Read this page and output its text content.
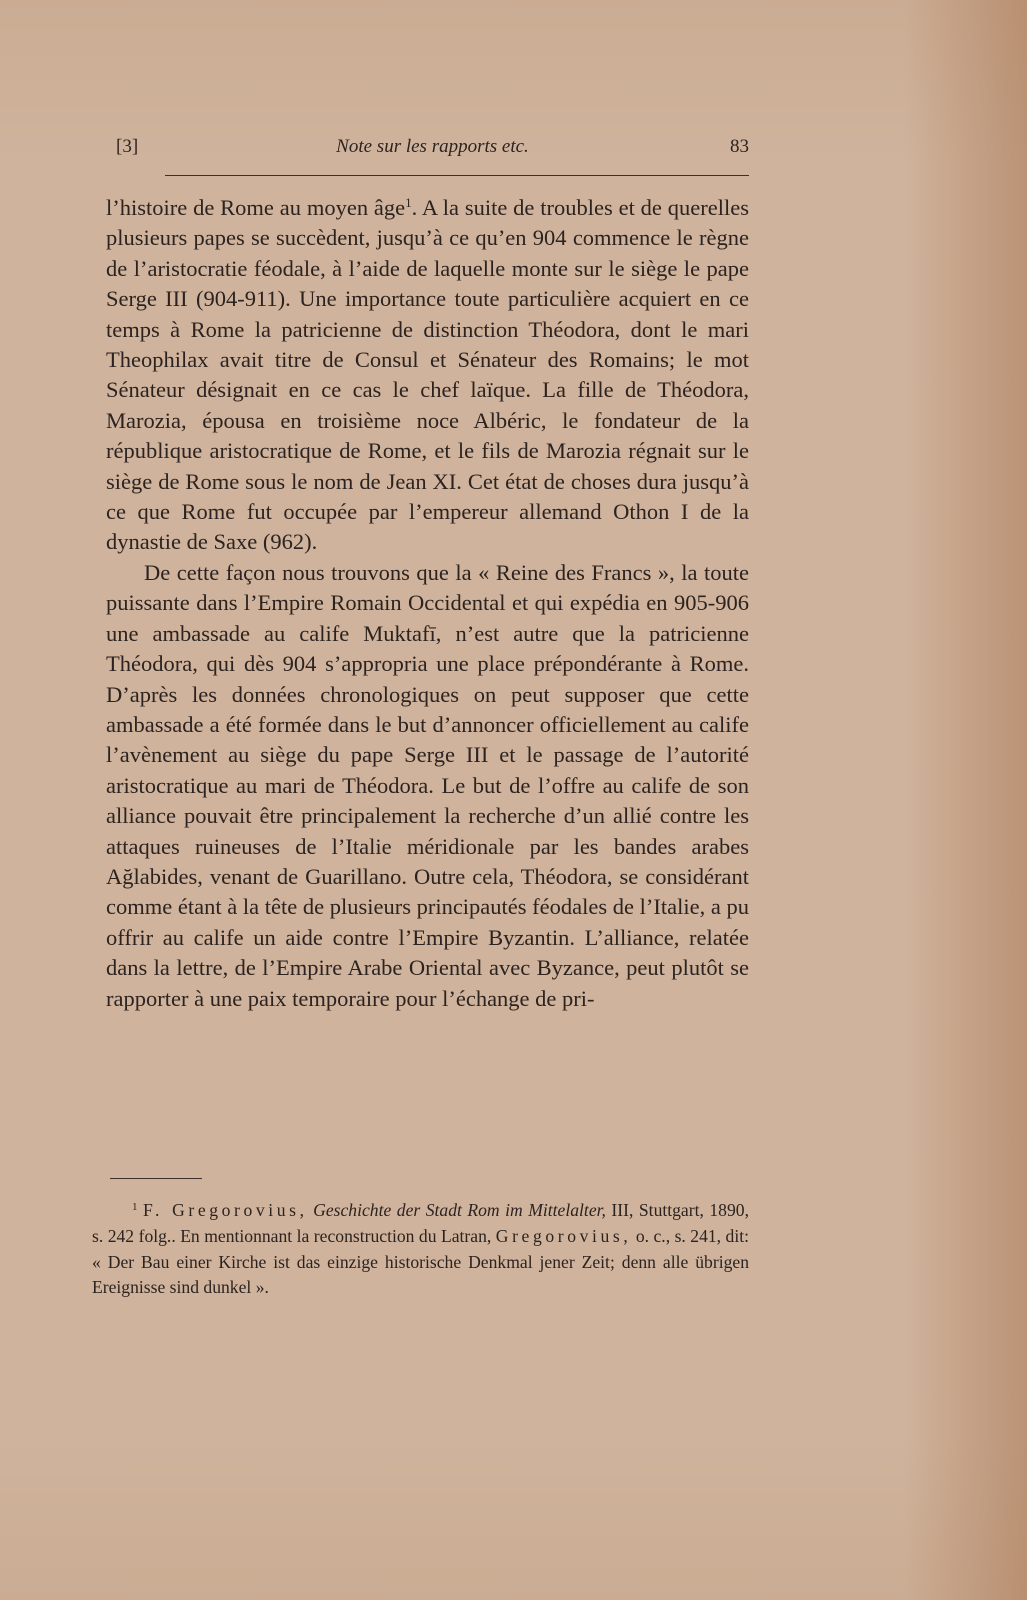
[3]	Note sur les rapports etc.	83

l’histoire de Rome au moyen âge$^1$. A la suite de troubles et de querelles plusieurs papes se succèdent, jusqu’à ce qu’en 904 commence le règne de l’aristocratie féodale, à l’aide de laquelle monte sur le siège le pape Serge III (904-911). Une importance toute particulière acquiert en ce temps à Rome la patricienne de distinction Théodora, dont le mari Theophilax avait titre de Consul et Sénateur des Romains; le mot Sénateur désignait en ce cas le chef laïque. La fille de Théodora, Marozia, épousa en troisième noce Albéric, le fondateur de la république aristocratique de Rome, et le fils de Marozia régnait sur le siège de Rome sous le nom de Jean XI. Cet état de choses dura jusqu’à ce que Rome fut occupée par l’empereur allemand Othon I de la dynastie de Saxe (962).

De cette façon nous trouvons que la « Reine des Francs », la toute puissante dans l’Empire Romain Occidental et qui expédia en 905-906 une ambassade au calife Muktafī, n’est autre que la patricienne Théodora, qui dès 904 s’appropria une place prépondérante à Rome. D’après les données chronologiques on peut supposer que cette ambassade a été formée dans le but d’annoncer officiellement au calife l’avènement au siège du pape Serge III et le passage de l’autorité aristocratique au mari de Théodora. Le but de l’offre au calife de son alliance pouvait être principalement la recherche d’un allié contre les attaques ruineuses de l’Italie méridionale par les bandes arabes Ağlabides, venant de Guarillano. Outre cela, Théodora, se considérant comme étant à la tête de plusieurs principautés féodales de l’Italie, a pu offrir au calife un aide contre l’Empire Byzantin. L’alliance, relatée dans la lettre, de l’Empire Arabe Oriental avec Byzance, peut plutôt se rapporter à une paix temporaire pour l’échange de pri-

$^1$ F. Gregorovius, Geschichte der Stadt Rom im Mittelalter, III, Stuttgart, 1890, s. 242 folg.. En mentionnant la reconstruction du Latran, Gregorovius, o. c., s. 241, dit: « Der Bau einer Kirche ist das einzige historische Denkmal jener Zeit; denn alle übrigen Ereignisse sind dunkel ».
